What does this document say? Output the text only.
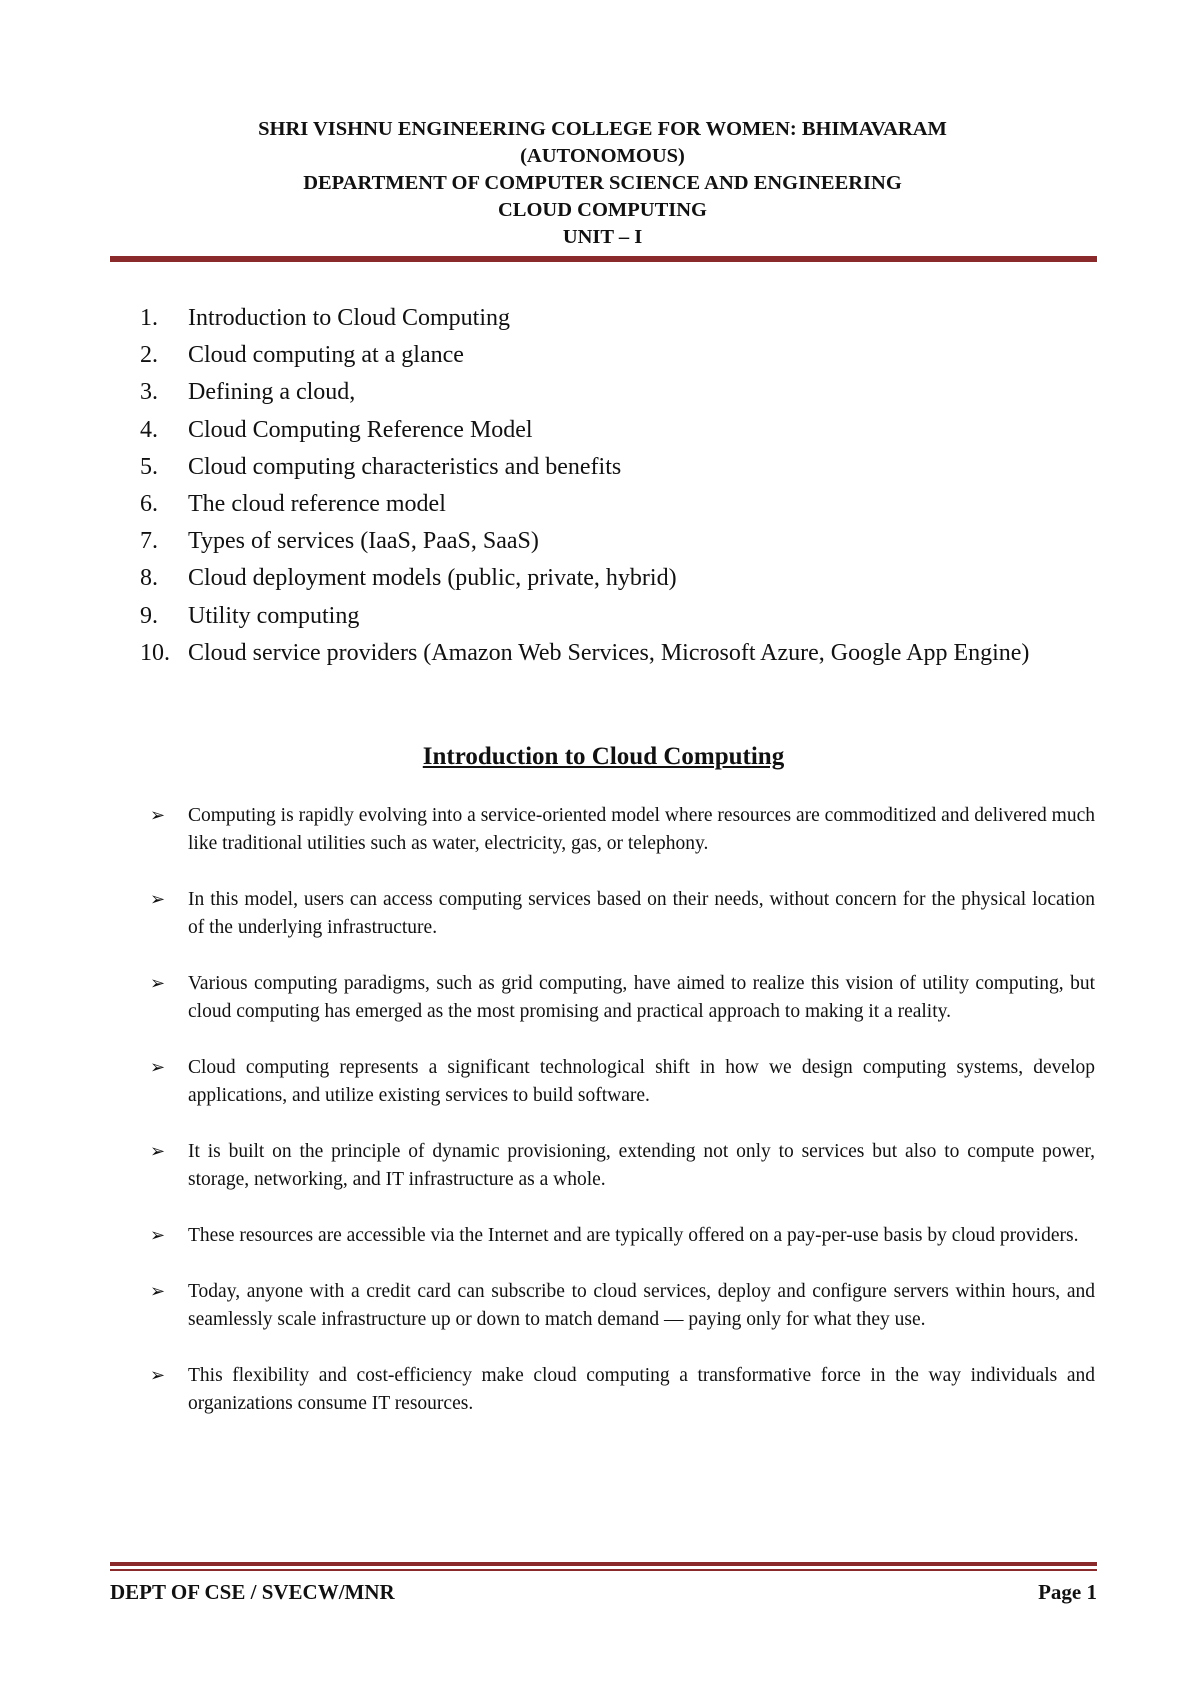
SHRI VISHNU ENGINEERING COLLEGE FOR WOMEN: BHIMAVARAM
(AUTONOMOUS)
DEPARTMENT OF COMPUTER SCIENCE AND ENGINEERING
CLOUD COMPUTING
UNIT – I
1.	Introduction to Cloud Computing
2.	Cloud computing at a glance
3.	Defining a cloud,
4.	Cloud Computing Reference Model
5.	Cloud computing characteristics and benefits
6.	The cloud reference model
7.	Types of services (IaaS, PaaS, SaaS)
8.	Cloud deployment models (public, private, hybrid)
9.	Utility computing
10. Cloud service providers (Amazon Web Services, Microsoft Azure, Google App Engine)
Introduction to Cloud Computing
➢	Computing is rapidly evolving into a service-oriented model where resources are commoditized and delivered much like traditional utilities such as water, electricity, gas, or telephony.
➢	In this model, users can access computing services based on their needs, without concern for the physical location of the underlying infrastructure.
➢	Various computing paradigms, such as grid computing, have aimed to realize this vision of utility computing, but cloud computing has emerged as the most promising and practical approach to making it a reality.
➢	Cloud computing represents a significant technological shift in how we design computing systems, develop applications, and utilize existing services to build software.
➢	It is built on the principle of dynamic provisioning, extending not only to services but also to compute power, storage, networking, and IT infrastructure as a whole.
➢	These resources are accessible via the Internet and are typically offered on a pay-per-use basis by cloud providers.
➢	Today, anyone with a credit card can subscribe to cloud services, deploy and configure servers within hours, and seamlessly scale infrastructure up or down to match demand — paying only for what they use.
➢	This flexibility and cost-efficiency make cloud computing a transformative force in the way individuals and organizations consume IT resources.
DEPT OF CSE / SVECW/MNR	Page 1
